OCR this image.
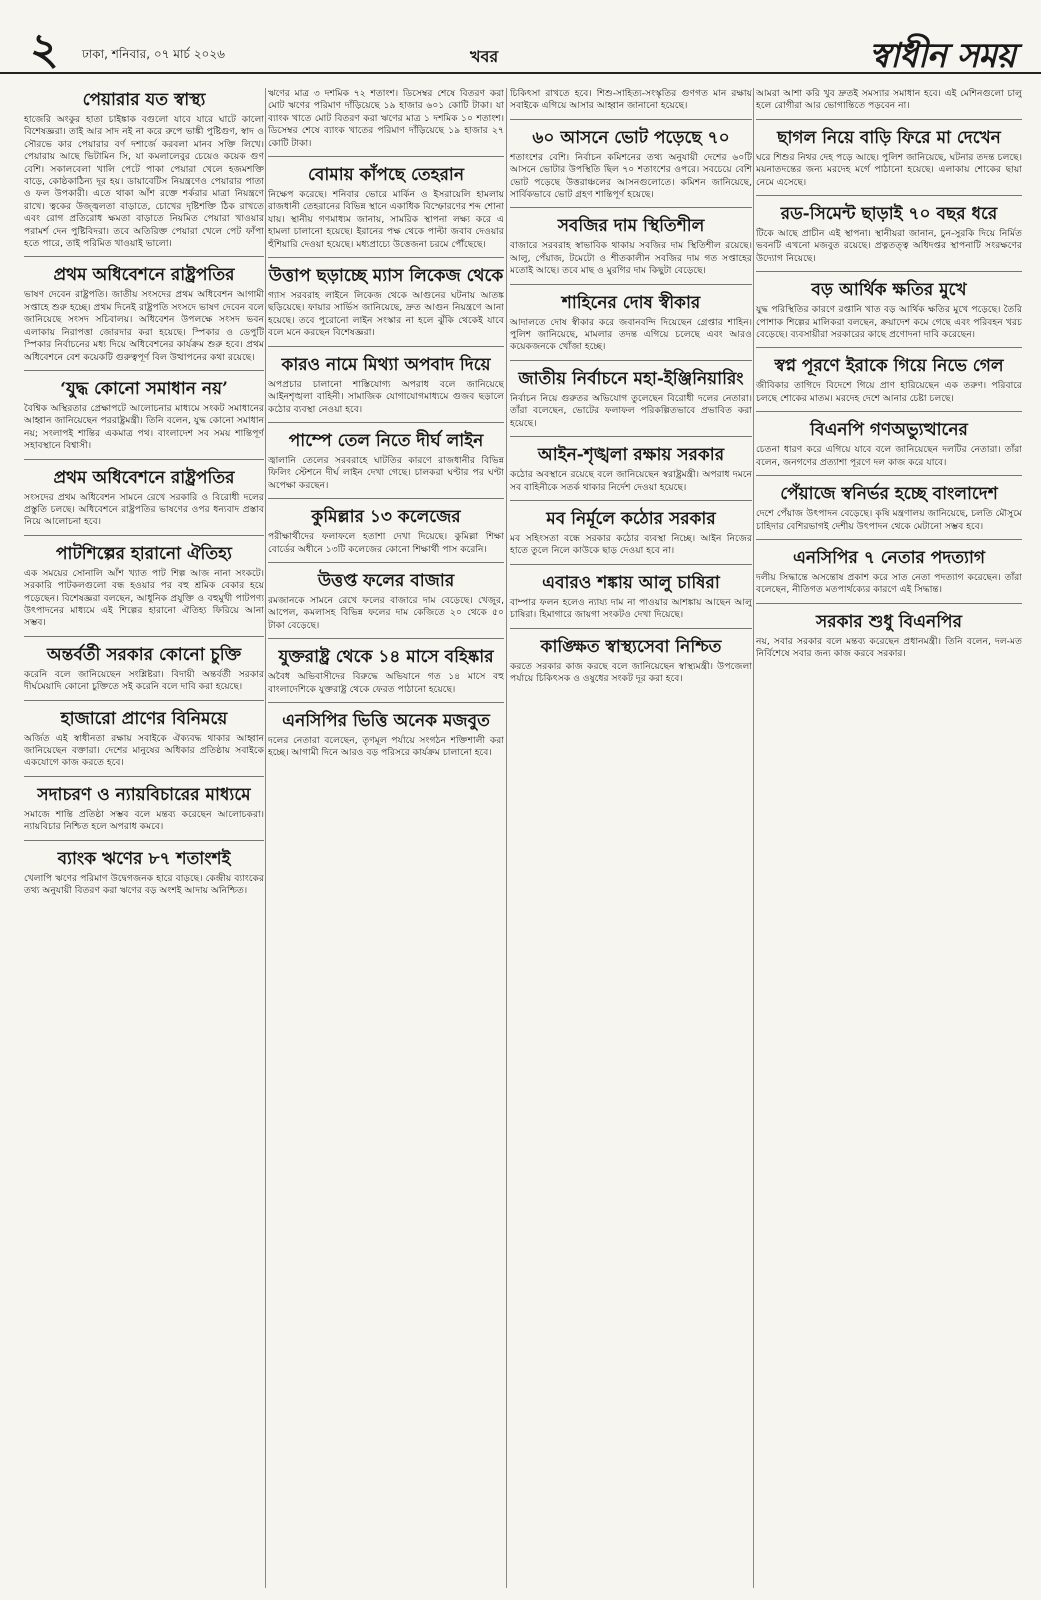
২ ঢাকা, শনিবার, ০৭ মার্চ ২০২৬	খবর	স্বাধীন সময়
পেয়ারার যত স্বাস্থ্য

হাজেরি অংকুর হাতা চাইঙ্কাক বগুলো যাবে যারে ঘাটে কালো বিশেষজ্ঞরা। তাই আর সাদ নই না করে রুপে ভাঙ্কী পুষ্টিগুণ, স্বাদ ও সৌরভে কার পেয়ারার বর্ণ দশার্জে করবলা মানব সক্তি লিখে। পেয়ারায় আছে ভিটামিন সি, যা কমলালেবুর চেয়েও কয়েক গুণ বেশি। সকালবেলা খালি পেটে পাকা পেয়ারা খেলে হজমশক্তি বাড়ে, কোষ্ঠকাঠিন্য দূর হয়। ডায়াবেটিস নিয়ন্ত্রণেও পেয়ারার পাতা ও ফল উপকারী। এতে থাকা আঁশ রক্তে শর্করার মাত্রা নিয়ন্ত্রণে রাখে। ত্বকের উজ্জ্বলতা বাড়াতে, চোখের দৃষ্টিশক্তি ঠিক রাখতে এবং রোগ প্রতিরোধ ক্ষমতা বাড়াতে নিয়মিত পেয়ারা খাওয়ার পরামর্শ দেন পুষ্টিবিদরা। তবে অতিরিক্ত পেয়ারা খেলে পেট ফাঁপা হতে পারে, তাই পরিমিত খাওয়াই ভালো।

প্রথম অধিবেশনে রাষ্ট্রপতির

ভাষণ দেবেন রাষ্ট্রপতি। জাতীয় সংসদের প্রথম অধিবেশন আগামী সপ্তাহে শুরু হচ্ছে। প্রথম দিনেই রাষ্ট্রপতি সংসদে ভাষণ দেবেন বলে জানিয়েছে সংসদ সচিবালয়। অধিবেশন উপলক্ষে সংসদ ভবন এলাকায় নিরাপত্তা জোরদার করা হয়েছে। স্পিকার ও ডেপুটি স্পিকার নির্বাচনের মধ্য দিয়ে অধিবেশনের কার্যক্রম শুরু হবে। প্রথম অধিবেশনে বেশ কয়েকটি গুরুত্বপূর্ণ বিল উত্থাপনের কথা রয়েছে।

‘যুদ্ধ কোনো সমাধান নয়’

বৈশ্বিক অস্থিরতার প্রেক্ষাপটে আলোচনার মাধ্যমে সংকট সমাধানের আহ্বান জানিয়েছেন পররাষ্ট্রমন্ত্রী। তিনি বলেন, যুদ্ধ কোনো সমাধান নয়; সংলাপই শান্তির একমাত্র পথ। বাংলাদেশ সব সময় শান্তিপূর্ণ সহাবস্থানে বিশ্বাসী।

প্রথম অধিবেশনে রাষ্ট্রপতির

সংসদের প্রথম অধিবেশন সামনে রেখে সরকারি ও বিরোধী দলের প্রস্তুতি চলছে। অধিবেশনে রাষ্ট্রপতির ভাষণের ওপর ধন্যবাদ প্রস্তাব নিয়ে আলোচনা হবে।

পাটশিল্পের হারানো ঐতিহ্য

এক সময়ের সোনালি আঁশ খ্যাত পাট শিল্প আজ নানা সংকটে। সরকারি পাটকলগুলো বন্ধ হওয়ার পর বহু শ্রমিক বেকার হয়ে পড়েছেন। বিশেষজ্ঞরা বলছেন, আধুনিক প্রযুক্তি ও বহুমুখী পাটপণ্য উৎপাদনের মাধ্যমে এই শিল্পের হারানো ঐতিহ্য ফিরিয়ে আনা সম্ভব।

অন্তর্বর্তী সরকার কোনো চুক্তি

করেনি বলে জানিয়েছেন সংশ্লিষ্টরা। বিদায়ী অন্তর্বর্তী সরকার দীর্ঘমেয়াদি কোনো চুক্তিতে সই করেনি বলে দাবি করা হয়েছে।

হাজারো প্রাণের বিনিময়ে

অর্জিত এই স্বাধীনতা রক্ষায় সবাইকে ঐক্যবদ্ধ থাকার আহ্বান জানিয়েছেন বক্তারা। দেশের মানুষের অধিকার প্রতিষ্ঠায় সবাইকে একযোগে কাজ করতে হবে।

সদাচরণ ও ন্যায়বিচারের মাধ্যমে

সমাজে শান্তি প্রতিষ্ঠা সম্ভব বলে মন্তব্য করেছেন আলোচকরা। ন্যায়বিচার নিশ্চিত হলে অপরাধ কমবে।

ব্যাংক ঋণের ৮৭ শতাংশই

খেলাপি ঋণের পরিমাণ উদ্বেগজনক হারে বাড়ছে। কেন্দ্রীয় ব্যাংকের তথ্য অনুযায়ী বিতরণ করা ঋণের বড় অংশই আদায় অনিশ্চিত।

ঋণের মাত্র ৩ দশমিক ৭২ শতাংশ। ডিসেম্বর শেষে বিতরণ করা মোট ঋণের পরিমাণ দাঁড়িয়েছে ১৯ হাজার ৬০১ কোটি টাকা। যা ব্যাংক খাতে মোট বিতরণ করা ঋণের মাত্র ১ দশমিক ১০ শতাংশ। ডিসেম্বর শেষে ব্যাংক খাতের পরিমাণ দাঁড়িয়েছে ১৯ হাজার ২৭ কোটি টাকা।

বোমায় কাঁপছে তেহরান

নিক্ষেপ করেছে। শনিবার ভোরে মার্কিন ও ইসরায়েলি হামলায় রাজধানী তেহরানের বিভিন্ন স্থানে একাধিক বিস্ফোরণের শব্দ শোনা যায়। স্থানীয় গণমাধ্যম জানায়, সামরিক স্থাপনা লক্ষ্য করে এ হামলা চালানো হয়েছে। ইরানের পক্ষ থেকে পাল্টা জবাব দেওয়ার হুঁশিয়ারি দেওয়া হয়েছে। মধ্যপ্রাচ্যে উত্তেজনা চরমে পৌঁছেছে।

উত্তাপ ছড়াচ্ছে ম্যাস লিকেজ থেকে

গ্যাস সরবরাহ লাইনে লিকেজ থেকে আগুনের ঘটনায় আতঙ্ক ছড়িয়েছে। ফায়ার সার্ভিস জানিয়েছে, দ্রুত আগুন নিয়ন্ত্রণে আনা হয়েছে। তবে পুরোনো লাইন সংস্কার না হলে ঝুঁকি থেকেই যাবে বলে মনে করছেন বিশেষজ্ঞরা।

কারও নামে মিথ্যা অপবাদ দিয়ে

অপপ্রচার চালানো শাস্তিযোগ্য অপরাধ বলে জানিয়েছে আইনশৃঙ্খলা বাহিনী। সামাজিক যোগাযোগমাধ্যমে গুজব ছড়ালে কঠোর ব্যবস্থা নেওয়া হবে।

পাম্পে তেল নিতে দীর্ঘ লাইন

জ্বালানি তেলের সরবরাহে ঘাটতির কারণে রাজধানীর বিভিন্ন ফিলিং স্টেশনে দীর্ঘ লাইন দেখা গেছে। চালকরা ঘণ্টার পর ঘণ্টা অপেক্ষা করছেন।

কুমিল্লার ১৩ কলেজের

পরীক্ষার্থীদের ফলাফলে হতাশা দেখা দিয়েছে। কুমিল্লা শিক্ষা বোর্ডের অধীনে ১৩টি কলেজের কোনো শিক্ষার্থী পাস করেনি।

উত্তপ্ত ফলের বাজার

রমজানকে সামনে রেখে ফলের বাজারে দাম বেড়েছে। খেজুর, আপেল, কমলাসহ বিভিন্ন ফলের দাম কেজিতে ২০ থেকে ৫০ টাকা বেড়েছে।

যুক্তরাষ্ট্র থেকে ১৪ মাসে বহিষ্কার

অবৈধ অভিবাসীদের বিরুদ্ধে অভিযানে গত ১৪ মাসে বহু বাংলাদেশিকে যুক্তরাষ্ট্র থেকে ফেরত পাঠানো হয়েছে।

এনসিপির ভিত্তি অনেক মজবুত

দলের নেতারা বলেছেন, তৃণমূল পর্যায়ে সংগঠন শক্তিশালী করা হচ্ছে। আগামী দিনে আরও বড় পরিসরে কার্যক্রম চালানো হবে।

চিকিৎসা রাখতে হবে। শিশু-সাহিত্য-সংস্কৃতির গুণগত মান রক্ষায় সবাইকে এগিয়ে আসার আহ্বান জানানো হয়েছে।

৬০ আসনে ভোট পড়েছে ৭০

শতাংশের বেশি। নির্বাচন কমিশনের তথ্য অনুযায়ী দেশের ৬০টি আসনে ভোটার উপস্থিতি ছিল ৭০ শতাংশের ওপরে। সবচেয়ে বেশি ভোট পড়েছে উত্তরাঞ্চলের আসনগুলোতে। কমিশন জানিয়েছে, সার্বিকভাবে ভোট গ্রহণ শান্তিপূর্ণ হয়েছে।

সবজির দাম স্থিতিশীল

বাজারে সরবরাহ স্বাভাবিক থাকায় সবজির দাম স্থিতিশীল রয়েছে। আলু, পেঁয়াজ, টমেটো ও শীতকালীন সবজির দাম গত সপ্তাহের মতোই আছে। তবে মাছ ও মুরগির দাম কিছুটা বেড়েছে।

শাহিনের দোষ স্বীকার

আদালতে দোষ স্বীকার করে জবানবন্দি দিয়েছেন গ্রেপ্তার শাহিন। পুলিশ জানিয়েছে, মামলার তদন্ত এগিয়ে চলেছে এবং আরও কয়েকজনকে খোঁজা হচ্ছে।

জাতীয় নির্বাচনে মহা-ইঞ্জিনিয়ারিং

নির্বাচন নিয়ে গুরুতর অভিযোগ তুলেছেন বিরোধী দলের নেতারা। তাঁরা বলেছেন, ভোটের ফলাফল পরিকল্পিতভাবে প্রভাবিত করা হয়েছে।

আইন-শৃঙ্খলা রক্ষায় সরকার

কঠোর অবস্থানে রয়েছে বলে জানিয়েছেন স্বরাষ্ট্রমন্ত্রী। অপরাধ দমনে সব বাহিনীকে সতর্ক থাকার নির্দেশ দেওয়া হয়েছে।

মব নির্মূলে কঠোর সরকার

মব সহিংসতা বন্ধে সরকার কঠোর ব্যবস্থা নিচ্ছে। আইন নিজের হাতে তুলে নিলে কাউকে ছাড় দেওয়া হবে না।

এবারও শঙ্কায় আলু চাষিরা

বাম্পার ফলন হলেও ন্যায্য দাম না পাওয়ার আশঙ্কায় আছেন আলু চাষিরা। হিমাগারে জায়গা সংকটও দেখা দিয়েছে।

কাঙ্ক্ষিত স্বাস্থ্যসেবা নিশ্চিত

করতে সরকার কাজ করছে বলে জানিয়েছেন স্বাস্থ্যমন্ত্রী। উপজেলা পর্যায়ে চিকিৎসক ও ওষুধের সংকট দূর করা হবে।

আমরা আশা করি খুব দ্রুতই সমস্যার সমাধান হবে। এই মেশিনগুলো চালু হলে রোগীরা আর ভোগান্তিতে পড়বেন না।

ছাগল নিয়ে বাড়ি ফিরে মা দেখেন

ঘরে শিশুর নিথর দেহ পড়ে আছে। পুলিশ জানিয়েছে, ঘটনার তদন্ত চলছে। ময়নাতদন্তের জন্য মরদেহ মর্গে পাঠানো হয়েছে। এলাকায় শোকের ছায়া নেমে এসেছে।

রড-সিমেন্ট ছাড়াই ৭০ বছর ধরে

টিকে আছে প্রাচীন এই স্থাপনা। স্থানীয়রা জানান, চুন-সুরকি দিয়ে নির্মিত ভবনটি এখনো মজবুত রয়েছে। প্রত্নতত্ত্ব অধিদপ্তর স্থাপনাটি সংরক্ষণের উদ্যোগ নিয়েছে।

বড় আর্থিক ক্ষতির মুখে

যুদ্ধ পরিস্থিতির কারণে রপ্তানি খাত বড় আর্থিক ক্ষতির মুখে পড়েছে। তৈরি পোশাক শিল্পের মালিকরা বলছেন, ক্রয়াদেশ কমে গেছে এবং পরিবহন খরচ বেড়েছে। ব্যবসায়ীরা সরকারের কাছে প্রণোদনা দাবি করেছেন।

স্বপ্ন পূরণে ইরাকে গিয়ে নিভে গেল

জীবিকার তাগিদে বিদেশে গিয়ে প্রাণ হারিয়েছেন এক তরুণ। পরিবারে চলছে শোকের মাতম। মরদেহ দেশে আনার চেষ্টা চলছে।

বিএনপি গণঅভ্যুত্থানের

চেতনা ধারণ করে এগিয়ে যাবে বলে জানিয়েছেন দলটির নেতারা। তাঁরা বলেন, জনগণের প্রত্যাশা পূরণে দল কাজ করে যাবে।

পেঁয়াজে স্বনির্ভর হচ্ছে বাংলাদেশ

দেশে পেঁয়াজ উৎপাদন বেড়েছে। কৃষি মন্ত্রণালয় জানিয়েছে, চলতি মৌসুমে চাহিদার বেশিরভাগই দেশীয় উৎপাদন থেকে মেটানো সম্ভব হবে।

এনসিপির ৭ নেতার পদত্যাগ

দলীয় সিদ্ধান্তে অসন্তোষ প্রকাশ করে সাত নেতা পদত্যাগ করেছেন। তাঁরা বলেছেন, নীতিগত মতপার্থক্যের কারণে এই সিদ্ধান্ত।

সরকার শুধু বিএনপির

নয়, সবার সরকার বলে মন্তব্য করেছেন প্রধানমন্ত্রী। তিনি বলেন, দল-মত নির্বিশেষে সবার জন্য কাজ করবে সরকার।
